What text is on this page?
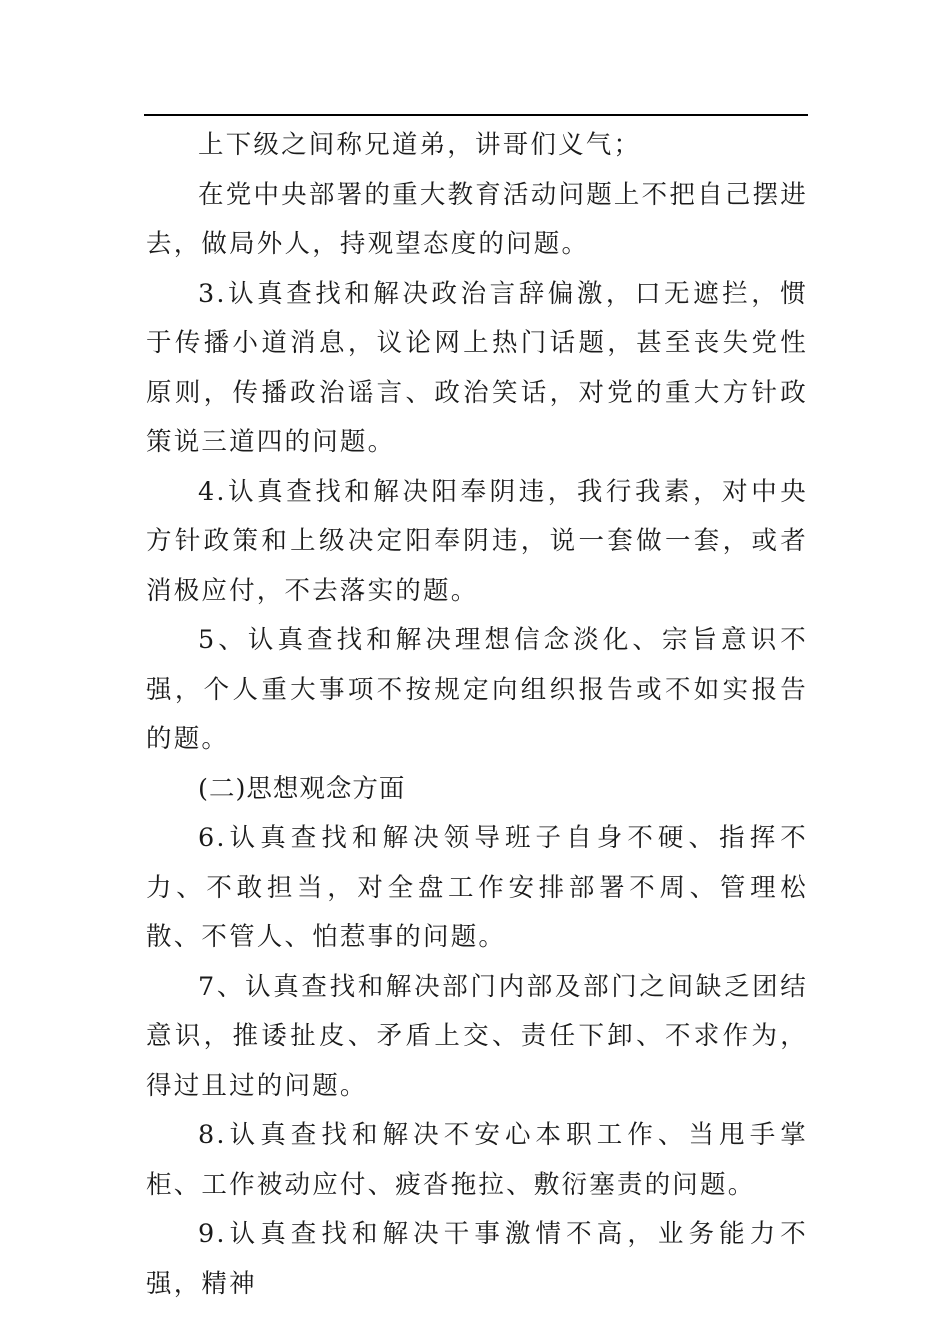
上下级之间称兄道弟，讲哥们义气；

在党中央部署的重大教育活动问题上不把自己摆进去，做局外人，持观望态度的问题。

3.认真查找和解决政治言辞偏激，口无遮拦，惯于传播小道消息，议论网上热门话题，甚至丧失党性原则，传播政治谣言、政治笑话，对党的重大方针政策说三道四的问题。

4.认真查找和解决阳奉阴违，我行我素，对中央方针政策和上级决定阳奉阴违，说一套做一套，或者消极应付，不去落实的题。

5、认真查找和解决理想信念淡化、宗旨意识不强，个人重大事项不按规定向组织报告或不如实报告的题。

(二)思想观念方面

6.认真查找和解决领导班子自身不硬、指挥不力、不敢担当，对全盘工作安排部署不周、管理松散、不管人、怕惹事的问题。

7、认真查找和解决部门内部及部门之间缺乏团结意识，推诿扯皮、矛盾上交、责任下卸、不求作为，得过且过的问题。

8.认真查找和解决不安心本职工作、当甩手掌柜、工作被动应付、疲沓拖拉、敷衍塞责的问题。

9.认真查找和解决干事激情不高，业务能力不强，精神
